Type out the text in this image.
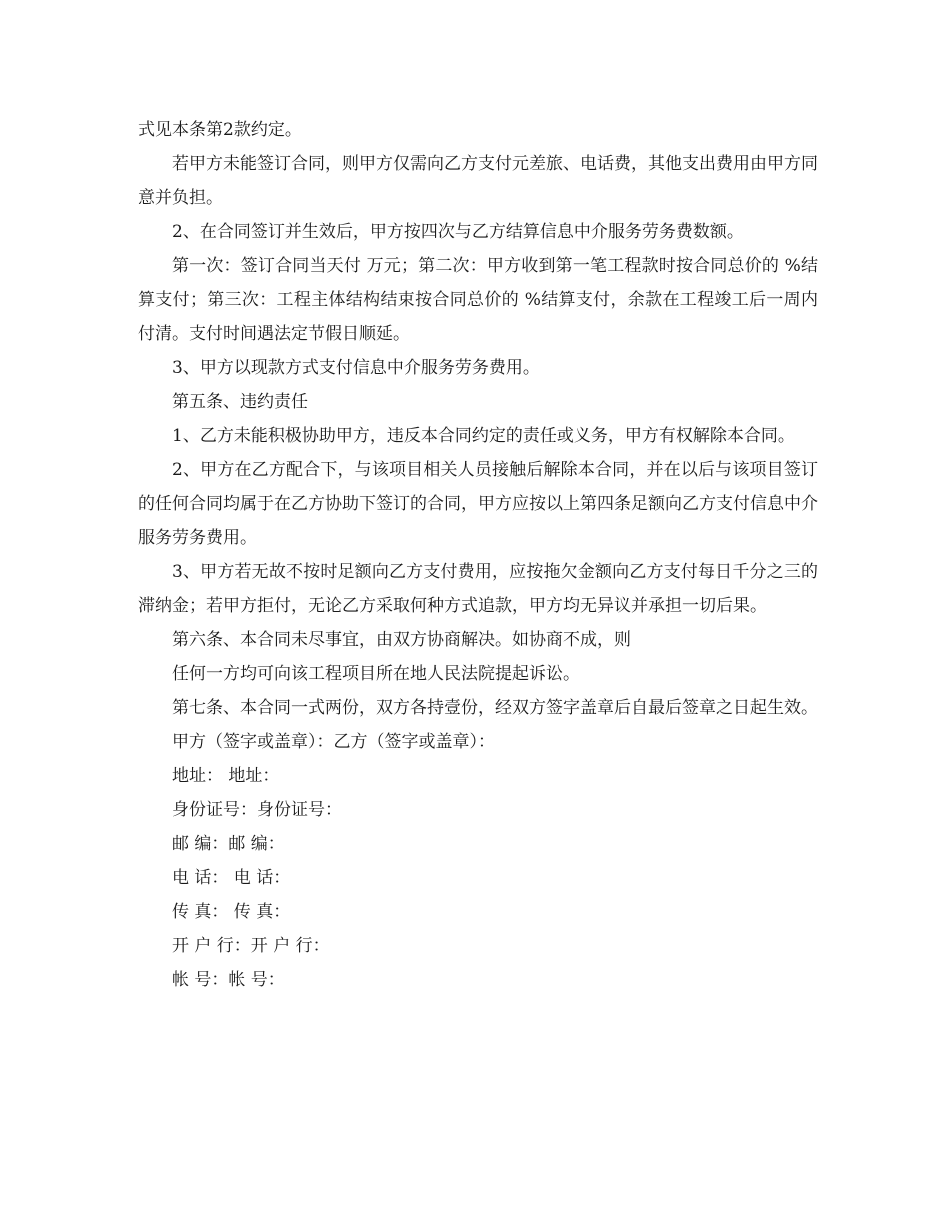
式见本条第2款约定。

若甲方未能签订合同，则甲方仅需向乙方支付元差旅、电话费，其他支出费用由甲方同意并负担。

2、在合同签订并生效后，甲方按四次与乙方结算信息中介服务劳务费数额。

第一次：签订合同当天付 万元；第二次：甲方收到第一笔工程款时按合同总价的 %结算支付；第三次：工程主体结构结束按合同总价的 %结算支付，余款在工程竣工后一周内付清。支付时间遇法定节假日顺延。

3、甲方以现款方式支付信息中介服务劳务费用。

第五条、违约责任

1、乙方未能积极协助甲方，违反本合同约定的责任或义务，甲方有权解除本合同。

2、甲方在乙方配合下，与该项目相关人员接触后解除本合同，并在以后与该项目签订的任何合同均属于在乙方协助下签订的合同，甲方应按以上第四条足额向乙方支付信息中介服务劳务费用。

3、甲方若无故不按时足额向乙方支付费用，应按拖欠金额向乙方支付每日千分之三的滞纳金；若甲方拒付，无论乙方采取何种方式追款，甲方均无异议并承担一切后果。

第六条、本合同未尽事宜，由双方协商解决。如协商不成，则

任何一方均可向该工程项目所在地人民法院提起诉讼。

第七条、本合同一式两份，双方各持壹份，经双方签字盖章后自最后签章之日起生效。

甲方（签字或盖章）：乙方（签字或盖章）：

地址： 地址：

身份证号：身份证号：

邮 编：邮 编：

电 话： 电 话：

传 真： 传 真：

开 户 行：开 户 行：

帐 号：帐 号：
